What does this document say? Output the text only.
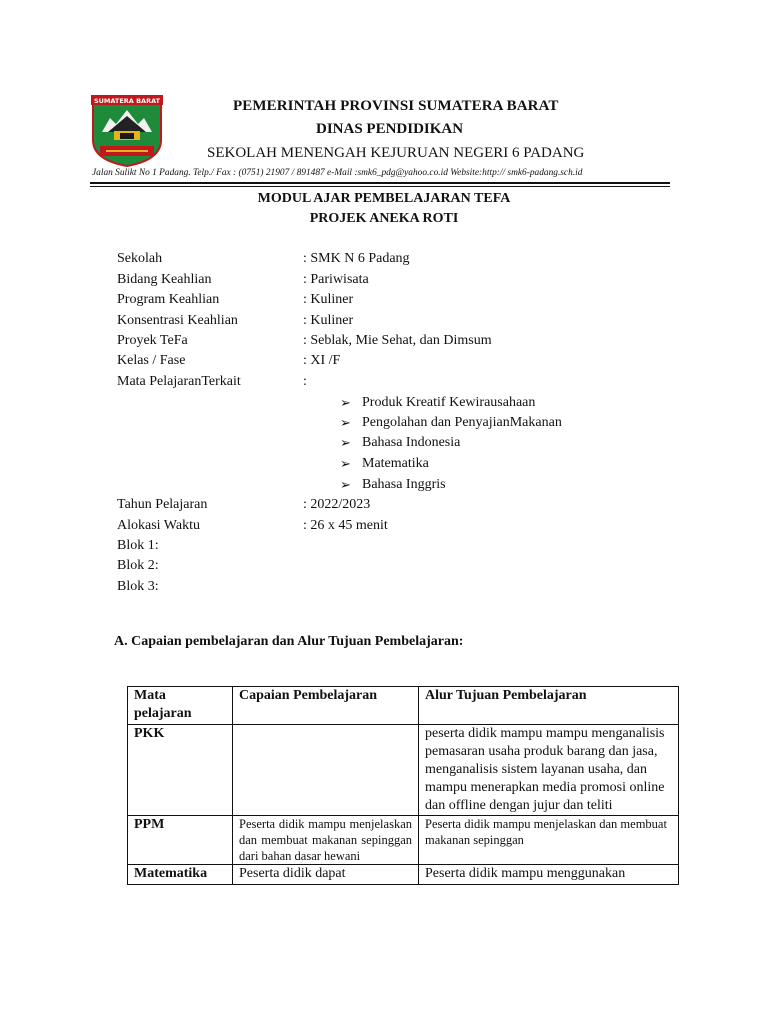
SUMATERA BARAT	PEMERINTAH PROVINSI SUMATERA BARAT
DINAS PENDIDIKAN
SEKOLAH MENENGAH KEJURUAN NEGERI 6 PADANG
Jalan Sulikt No 1 Padang. Telp./ Fax : (0751) 21907 / 891487 e-Mail :smk6_pdg@yahoo.co.id Website:http:// smk6-padang.sch.id
MODUL AJAR PEMBELAJARAN TEFA
PROJEK ANEKA ROTI
Sekolah	: SMK N 6 Padang
Bidang Keahlian	: Pariwisata
Program Keahlian	: Kuliner
Konsentrasi Keahlian	: Kuliner
Proyek TeFa	: Seblak, Mie Sehat, dan Dimsum
Kelas / Fase	: XI /F
Mata PelajaranTerkait	:
➢ Produk Kreatif Kewirausahaan
➢ Pengolahan dan PenyajianMakanan
➢ Bahasa Indonesia
➢ Matematika
➢ Bahasa Inggris
Tahun Pelajaran	: 2022/2023
Alokasi Waktu	: 26 x 45 menit
Blok 1:
Blok 2:
Blok 3:
A. Capaian pembelajaran dan Alur Tujuan Pembelajaran:
Mata pelajaran	Capaian Pembelajaran	Alur Tujuan Pembelajaran
PKK		peserta didik mampu mampu menganalisis pemasaran usaha produk barang dan jasa, menganalisis sistem layanan usaha, dan mampu menerapkan media promosi online dan offline dengan jujur dan teliti
PPM	Peserta didik mampu menjelaskan dan membuat makanan sepinggan dari bahan dasar hewani	Peserta didik mampu menjelaskan dan membuat makanan sepinggan
Matematika	Peserta didik dapat	Peserta didik mampu menggunakan
